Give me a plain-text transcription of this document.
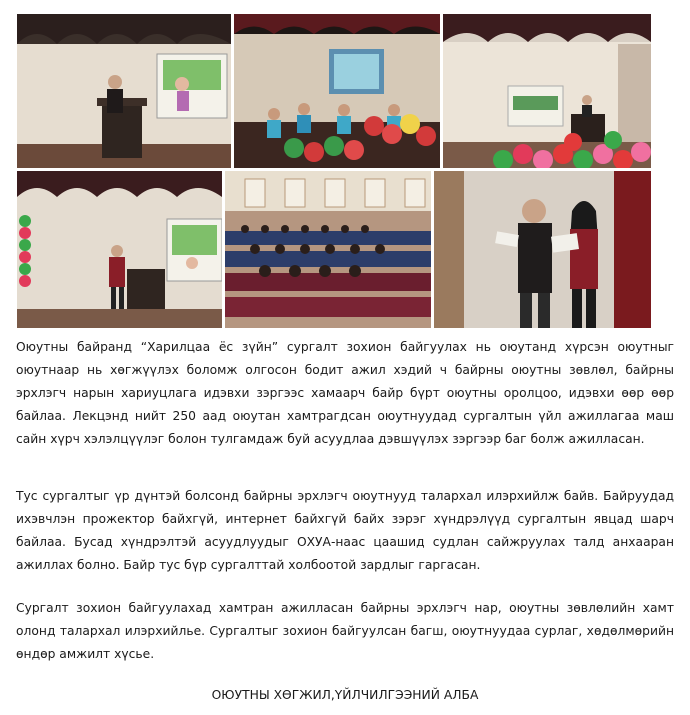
Оюутны байранд “Харилцаа ёс зүйн” сургалт зохион байгуулах нь оюутанд хүрсэн оюутныг оюутнаар нь хөгжүүлэх боломж олгосон бодит ажил хэдий ч байрны оюутны зөвлөл, байрны эрхлэгч нарын хариуцлага идэвхи зэргээс хамаарч байр бүрт оюутны оролцоо, идэвхи өөр өөр байлаа. Лекцэнд нийт 250 аад оюутан хамтрагдсан оюутнуудад сургалтын үйл ажиллагаа маш сайн хүрч хэлэлцүүлэг болон тулгамдаж буй асуудлаа дэвшүүлэх зэргээр баг болж ажилласан.

Тус сургалтыг үр дүнтэй болсонд байрны эрхлэгч оюутнууд талархал илэрхийлж байв. Байруудад ихэвчлэн прожектор байхгүй, интернет байхгүй байх зэрэг хүндрэлүүд сургалтын явцад шарч байлаа. Бусад хүндрэлтэй асуудлуудыг ОХУА-наас цаашид судлан сайжруулах талд анхааран ажиллах болно. Байр тус бүр сургалттай холбоотой зардлыг гаргасан.

Сургалт зохион байгуулахад хамтран ажилласан байрны эрхлэгч нар, оюутны зөвлөлийн хамт олонд талархал илэрхийлье. Сургалтыг зохион байгуулсан багш, оюутнуудаа сурлаг, хөдөлмөрийн өндөр амжилт хүсье.

ОЮУТНЫ ХӨГЖИЛ,ҮЙЛЧИЛГЭЭНИЙ АЛБА
